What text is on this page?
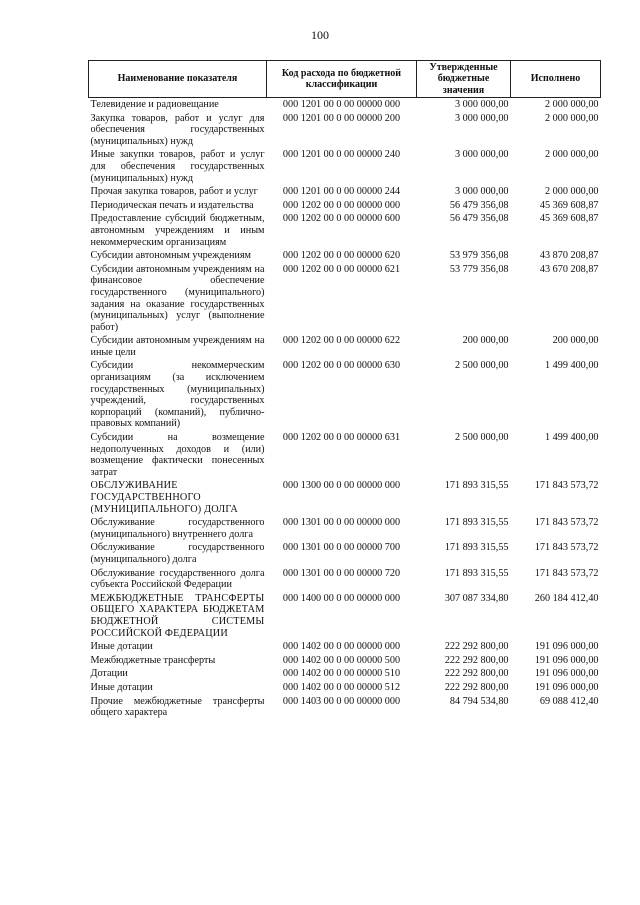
100
Наименование показателя	Код расхода по бюджетной классификации	Утвержденные бюджетные значения	Исполнено
Телевидение и радиовещание	000 1201 00 0 00 00000 000	3 000 000,00	2 000 000,00
Закупка товаров, работ и услуг для обеспечения государственных (муниципальных) нужд	000 1201 00 0 00 00000 200	3 000 000,00	2 000 000,00
Иные закупки товаров, работ и услуг для обеспечения государственных (муниципальных) нужд	000 1201 00 0 00 00000 240	3 000 000,00	2 000 000,00
Прочая закупка товаров, работ и услуг	000 1201 00 0 00 00000 244	3 000 000,00	2 000 000,00
Периодическая печать и издательства	000 1202 00 0 00 00000 000	56 479 356,08	45 369 608,87
Предоставление субсидий бюджетным, автономным учреждениям и иным некоммерческим организациям	000 1202 00 0 00 00000 600	56 479 356,08	45 369 608,87
Субсидии автономным учреждениям	000 1202 00 0 00 00000 620	53 979 356,08	43 870 208,87
Субсидии автономным учреждениям на финансовое обеспечение государственного (муниципального) задания на оказание государственных (муниципальных) услуг (выполнение работ)	000 1202 00 0 00 00000 621	53 779 356,08	43 670 208,87
Субсидии автономным учреждениям на иные цели	000 1202 00 0 00 00000 622	200 000,00	200 000,00
Субсидии некоммерческим организациям (за исключением государственных (муниципальных) учреждений, государственных корпораций (компаний), публично-правовых компаний)	000 1202 00 0 00 00000 630	2 500 000,00	1 499 400,00
Субсидии на возмещение недополученных доходов и (или) возмещение фактически понесенных затрат	000 1202 00 0 00 00000 631	2 500 000,00	1 499 400,00
ОБСЛУЖИВАНИЕ ГОСУДАРСТВЕННОГО (МУНИЦИПАЛЬНОГО) ДОЛГА	000 1300 00 0 00 00000 000	171 893 315,55	171 843 573,72
Обслуживание государственного (муниципального) внутреннего долга	000 1301 00 0 00 00000 000	171 893 315,55	171 843 573,72
Обслуживание государственного (муниципального) долга	000 1301 00 0 00 00000 700	171 893 315,55	171 843 573,72
Обслуживание государственного долга субъекта Российской Федерации	000 1301 00 0 00 00000 720	171 893 315,55	171 843 573,72
МЕЖБЮДЖЕТНЫЕ ТРАНСФЕРТЫ ОБЩЕГО ХАРАКТЕРА БЮДЖЕТАМ БЮДЖЕТНОЙ СИСТЕМЫ РОССИЙСКОЙ ФЕДЕРАЦИИ	000 1400 00 0 00 00000 000	307 087 334,80	260 184 412,40
Иные дотации	000 1402 00 0 00 00000 000	222 292 800,00	191 096 000,00
Межбюджетные трансферты	000 1402 00 0 00 00000 500	222 292 800,00	191 096 000,00
Дотации	000 1402 00 0 00 00000 510	222 292 800,00	191 096 000,00
Иные дотации	000 1402 00 0 00 00000 512	222 292 800,00	191 096 000,00
Прочие межбюджетные трансферты общего характера	000 1403 00 0 00 00000 000	84 794 534,80	69 088 412,40
